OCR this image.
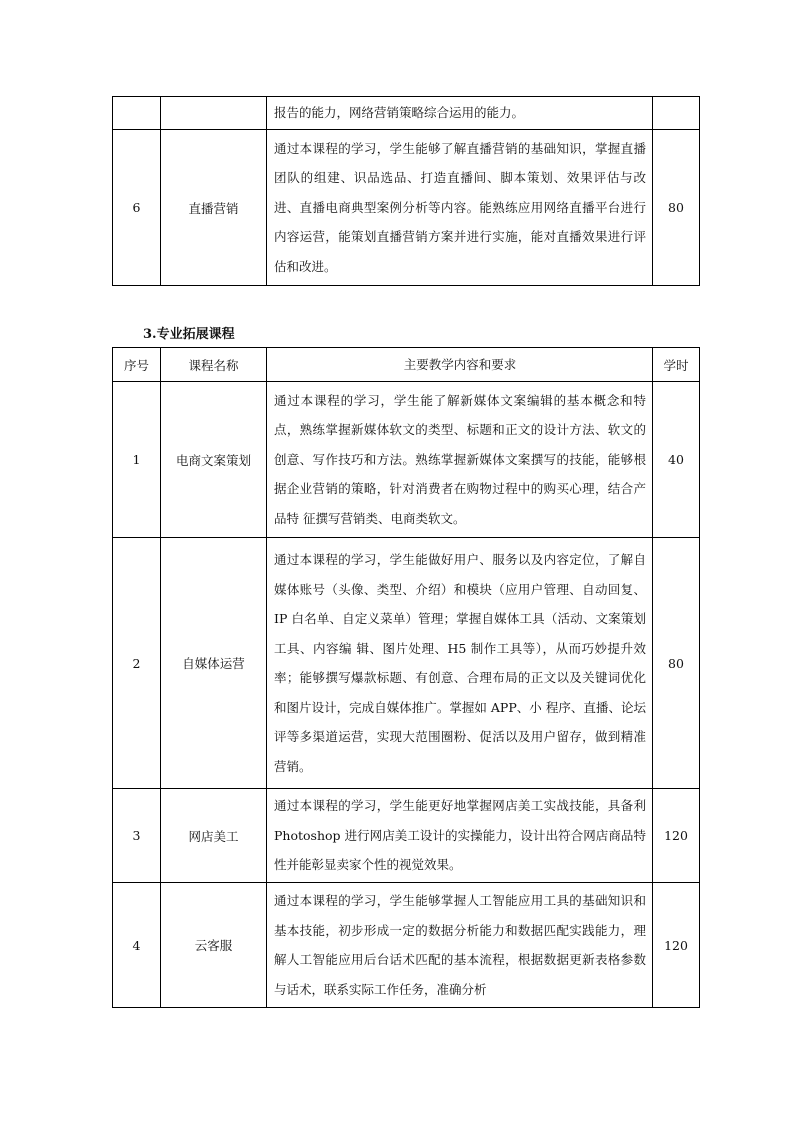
		报告的能力，网络营销策略综合运用的能力。	
6	直播营销	通过本课程的学习，学生能够了解直播营销的基础知识，掌握直播团队的组建、识品选品、打造直播间、脚本策划、效果评估与改进、直播电商典型案例分析等内容。能熟练应用网络直播平台进行内容运营，能策划直播营销方案并进行实施，能对直播效果进行评估和改进。	80
3.专业拓展课程
序号	课程名称	主要教学内容和要求	学时
1	电商文案策划	通过本课程的学习，学生能了解新媒体文案编辑的基本概念和特点，熟练掌握新媒体软文的类型、标题和正文的设计方法、软文的创意、写作技巧和方法。熟练掌握新媒体文案撰写的技能，能够根据企业营销的策略，针对消费者在购物过程中的购买心理，结合产品特 征撰写营销类、电商类软文。	40
2	自媒体运营	通过本课程的学习，学生能做好用户、服务以及内容定位，了解自媒体账号（头像、类型、介绍）和模块（应用户管理、自动回复、IP 白名单、自定义菜单）管理；掌握自媒体工具（活动、文案策划工具、内容编 辑、图片处理、H5 制作工具等），从而巧妙提升效率；能够撰写爆款标题、有创意、合理布局的正文以及关键词优化和图片设计，完成自媒体推广。掌握如 APP、小 程序、直播、论坛评等多渠道运营，实现大范围圈粉、促活以及用户留存，做到精准营销。	80
3	网店美工	通过本课程的学习，学生能更好地掌握网店美工实战技能，具备利 Photoshop 进行网店美工设计的实操能力，设计出符合网店商品特性并能彰显卖家个性的视觉效果。	120
4	云客服	通过本课程的学习，学生能够掌握人工智能应用工具的基础知识和基本技能，初步形成一定的数据分析能力和数据匹配实践能力，理解人工智能应用后台话术匹配的基本流程，根据数据更新表格参数与话术，联系实际工作任务，准确分析	120
